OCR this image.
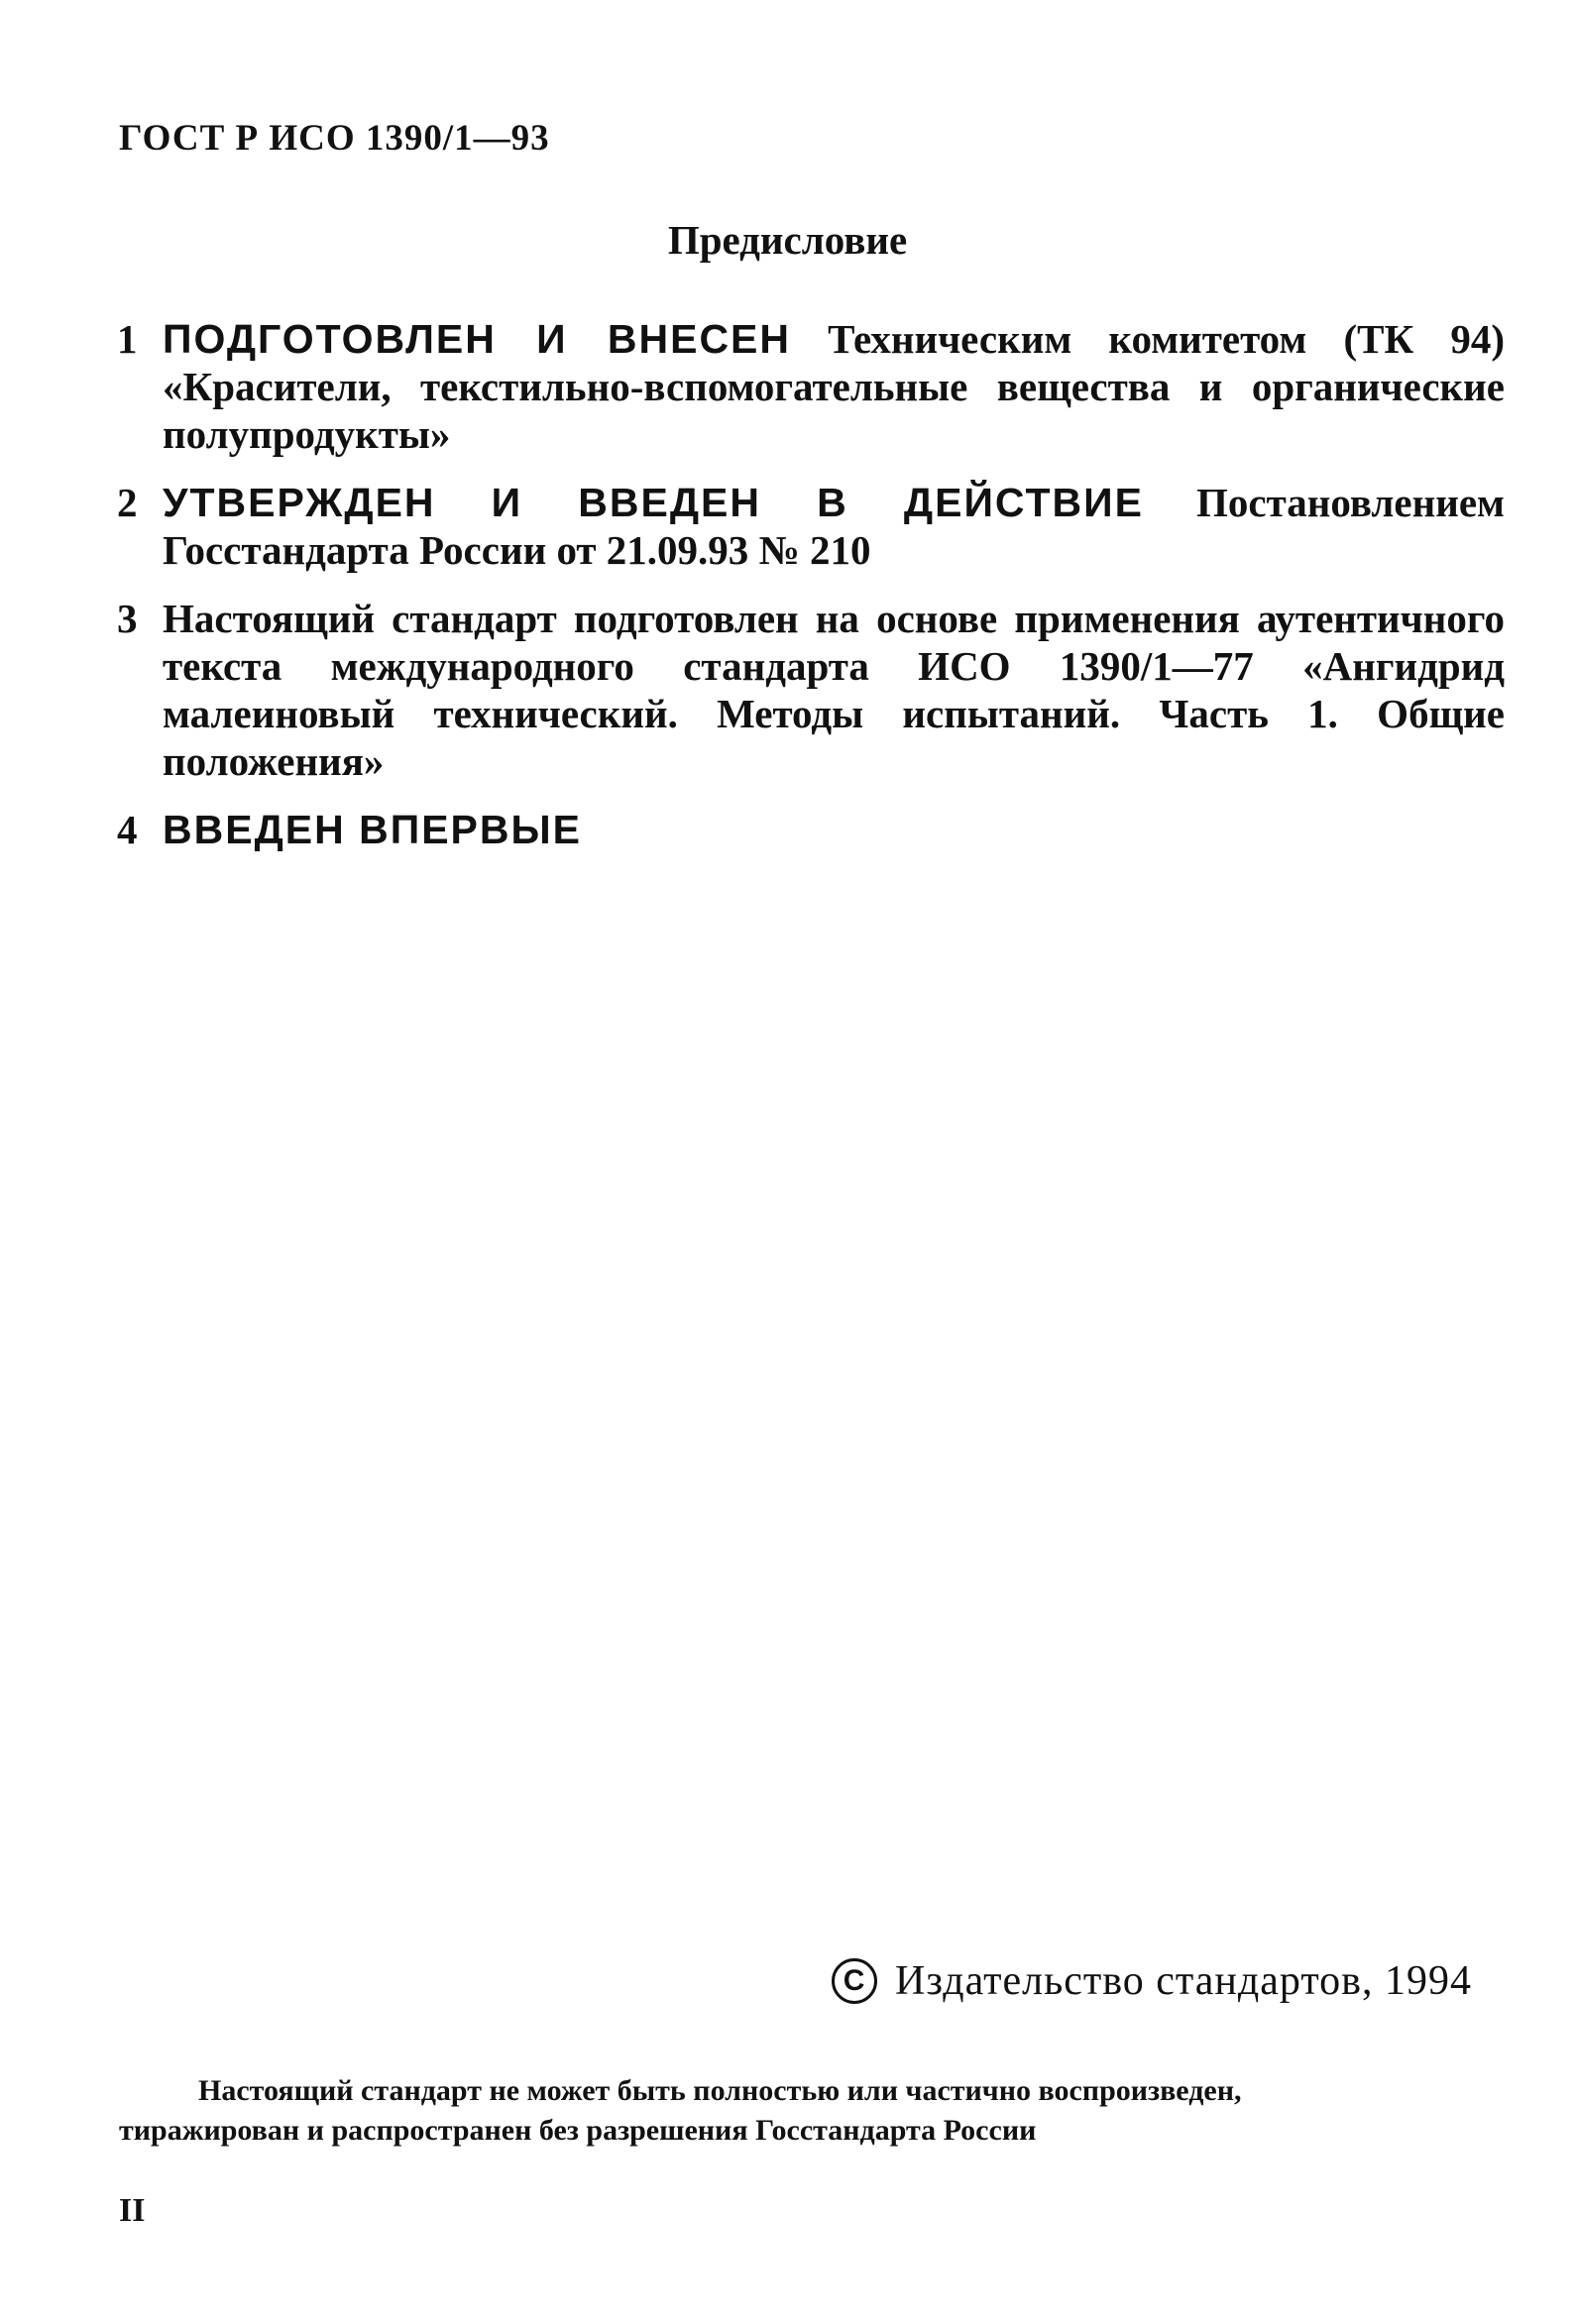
ГОСТ Р ИСО 1390/1—93
Предисловие
1 ПОДГОТОВЛЕН И ВНЕСЕН Техническим комитетом (ТК 94) «Красители, текстильно-вспомогательные вещества и органические полупродукты»
2 УТВЕРЖДЕН И ВВЕДЕН В ДЕЙСТВИЕ Постановлением Госстандарта России от 21.09.93 № 210
3 Настоящий стандарт подготовлен на основе применения аутентичного текста международного стандарта ИСО 1390/1—77 «Ангидрид малеиновый технический. Методы испытаний. Часть 1. Общие положения»
4 ВВЕДЕН ВПЕРВЫЕ
C Издательство стандартов, 1994
Настоящий стандарт не может быть полностью или частично воспроизведен,
тиражирован и распространен без разрешения Госстандарта России
II
